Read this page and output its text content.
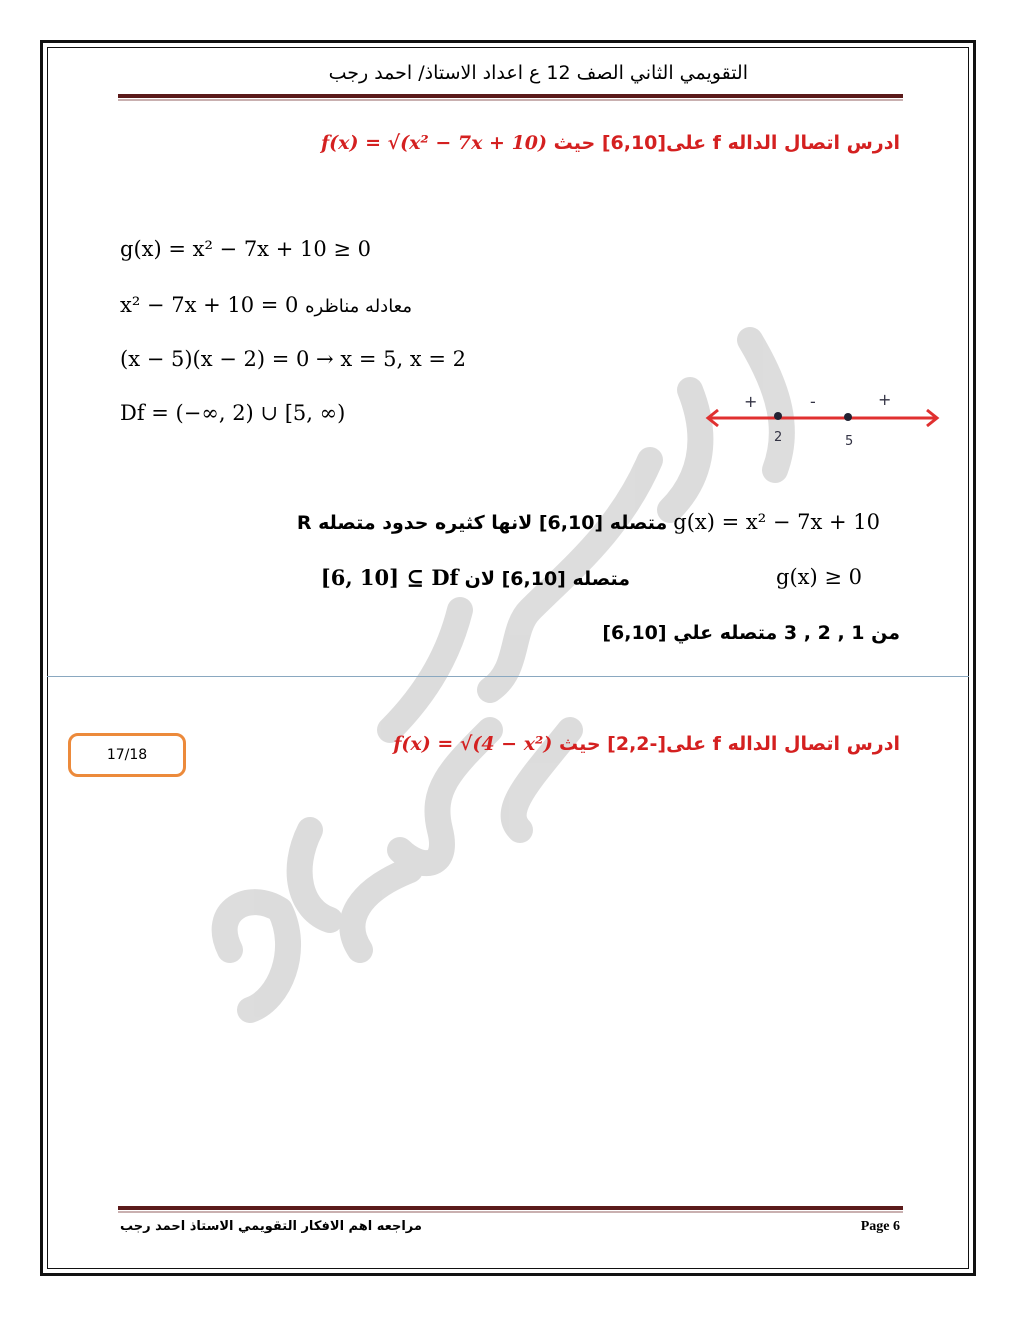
التقويمي الثاني الصف 12 ع اعداد الاستاذ/ احمد رجب
ادرس اتصال الداله f على[6,10] حيث f(x) = √(x² − 7x + 10)
g(x) = x² − 7x + 10 ≥ 0
x² − 7x + 10 = 0 معادله مناظره
(x − 5)(x − 2) = 0 → x = 5, x = 2
Df = (−∞, 2) ∪ [5, ∞)
2	5
+	-	+
g(x) = x² − 7x + 10 متصله [6,10] لانها كثيره حدود متصله R
g(x) ≥ 0
متصله [6,10] لان [6, 10] ⊆ Df
من 1 , 2 , 3 متصله علي [6,10]
ادرس اتصال الداله f على[-2,2] حيث f(x) = √(4 − x²)
17/18
مراجعه اهم الافكار التقويمي الاستاذ احمد رجب	Page 6
